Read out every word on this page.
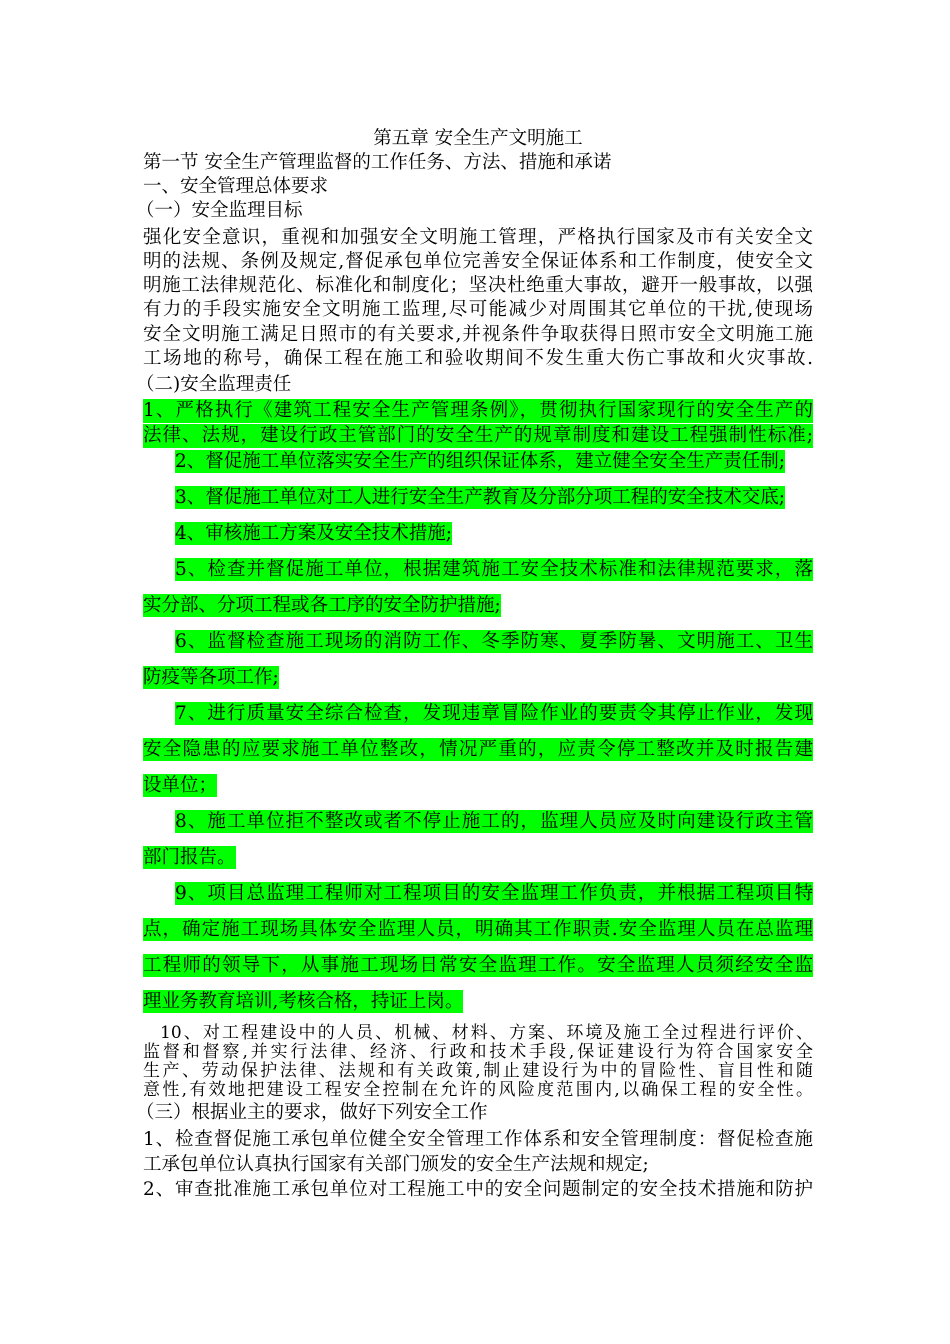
第五章 安全生产文明施工
第一节 安全生产管理监督的工作任务、方法、措施和承诺
一、安全管理总体要求
（一）安全监理目标
强化安全意识，重视和加强安全文明施工管理，严格执行国家及市有关安全文
明的法规、条例及规定,督促承包单位完善安全保证体系和工作制度，使安全文
明施工法律规范化、标准化和制度化；坚决杜绝重大事故，避开一般事故，以强
有力的手段实施安全文明施工监理,尽可能减少对周围其它单位的干扰,使现场
安全文明施工满足日照市的有关要求,并视条件争取获得日照市安全文明施工施
工场地的称号，确保工程在施工和验收期间不发生重大伤亡事故和火灾事故.
（二)安全监理责任
1、严格执行《建筑工程安全生产管理条例》，贯彻执行国家现行的安全生产的
法律、法规，建设行政主管部门的安全生产的规章制度和建设工程强制性标准;
2、督促施工单位落实安全生产的组织保证体系，建立健全安全生产责任制;
3、督促施工单位对工人进行安全生产教育及分部分项工程的安全技术交底;
4、审核施工方案及安全技术措施;
5、检查并督促施工单位，根据建筑施工安全技术标准和法律规范要求，落
实分部、分项工程或各工序的安全防护措施;
6、监督检查施工现场的消防工作、冬季防寒、夏季防暑、文明施工、卫生
防疫等各项工作;
7、进行质量安全综合检查，发现违章冒险作业的要责令其停止作业，发现
安全隐患的应要求施工单位整改，情况严重的，应责令停工整改并及时报告建
设单位；
8、施工单位拒不整改或者不停止施工的，监理人员应及时向建设行政主管
部门报告。
9、项目总监理工程师对工程项目的安全监理工作负责，并根据工程项目特
点，确定施工现场具体安全监理人员，明确其工作职责.安全监理人员在总监理
工程师的领导下，从事施工现场日常安全监理工作。安全监理人员须经安全监
理业务教育培训,考核合格，持证上岗。
10、对工程建设中的人员、机械、材料、方案、环境及施工全过程进行评价、
监督和督察,并实行法律、经济、行政和技术手段,保证建设行为符合国家安全
生产、劳动保护法律、法规和有关政策,制止建设行为中的冒险性、盲目性和随
意性,有效地把建设工程安全控制在允许的风险度范围内,以确保工程的安全性。
（三）根据业主的要求，做好下列安全工作
1、检查督促施工承包单位健全安全管理工作体系和安全管理制度：督促检查施
工承包单位认真执行国家有关部门颁发的安全生产法规和规定;
2、审查批准施工承包单位对工程施工中的安全问题制定的安全技术措施和防护
